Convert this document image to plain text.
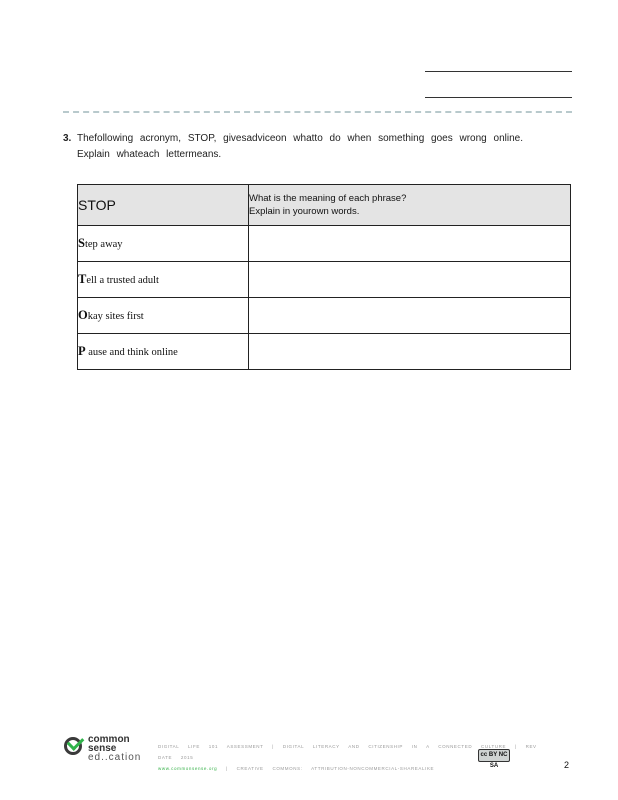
3. Thefollowing acronym, STOP, givesadviceon whatto do when something goes wrong online. Explain whateach lettermeans.
STOP	What is the meaning of each phrase?
Explain in yourown words.

Step away	
Tell a trusted adult	
Okay sites first	
P ause and think online	
common
sense
ed..cation
DIGITAL LIFE 101 ASSESSMENT | DIGITAL LITERACY AND CITIZENSHIP IN A CONNECTED CULTURE | REV DATE 2015
www.commonsense.org | CREATIVE COMMONS: ATTRIBUTION-NONCOMMERCIAL-SHAREALIKE
cc BY NC SA	2
